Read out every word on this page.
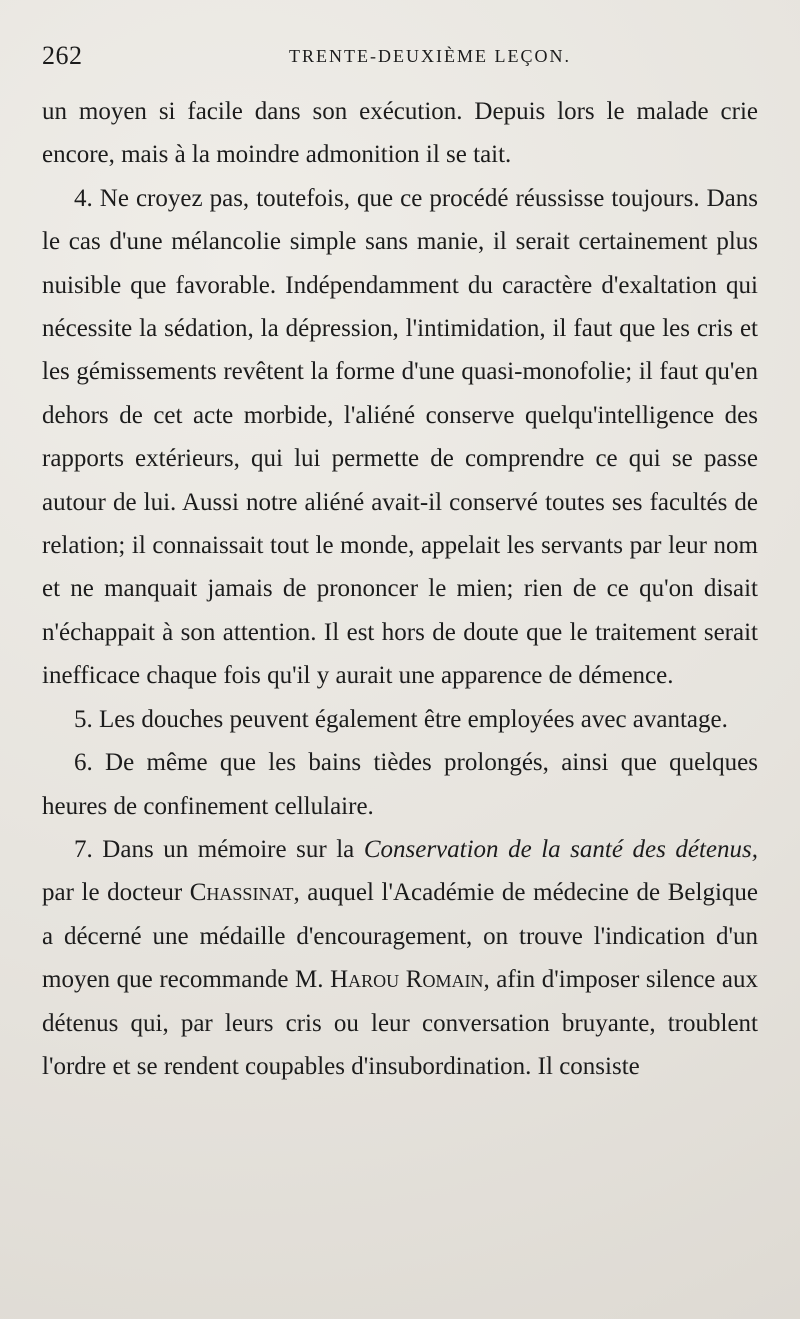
262	TRENTE-DEUXIÈME LEÇON.

un moyen si facile dans son exécution. Depuis lors le malade crie encore, mais à la moindre admonition il se tait.

4. Ne croyez pas, toutefois, que ce procédé réussisse toujours. Dans le cas d'une mélancolie simple sans manie, il serait certainement plus nuisible que favorable. Indépendamment du caractère d'exaltation qui nécessite la sédation, la dépression, l'intimidation, il faut que les cris et les gémissements revêtent la forme d'une quasi-monofolie; il faut qu'en dehors de cet acte morbide, l'aliéné conserve quelqu'intelligence des rapports extérieurs, qui lui permette de comprendre ce qui se passe autour de lui. Aussi notre aliéné avait-il conservé toutes ses facultés de relation; il connaissait tout le monde, appelait les servants par leur nom et ne manquait jamais de prononcer le mien; rien de ce qu'on disait n'échappait à son attention. Il est hors de doute que le traitement serait inefficace chaque fois qu'il y aurait une apparence de démence.

5. Les douches peuvent également être employées avec avantage.

6. De même que les bains tièdes prolongés, ainsi que quelques heures de confinement cellulaire.

7. Dans un mémoire sur la Conservation de la santé des détenus, par le docteur Chassinat, auquel l'Académie de médecine de Belgique a décerné une médaille d'encouragement, on trouve l'indication d'un moyen que recommande M. Harou Romain, afin d'imposer silence aux détenus qui, par leurs cris ou leur conversation bruyante, troublent l'ordre et se rendent coupables d'insubordination. Il consiste
